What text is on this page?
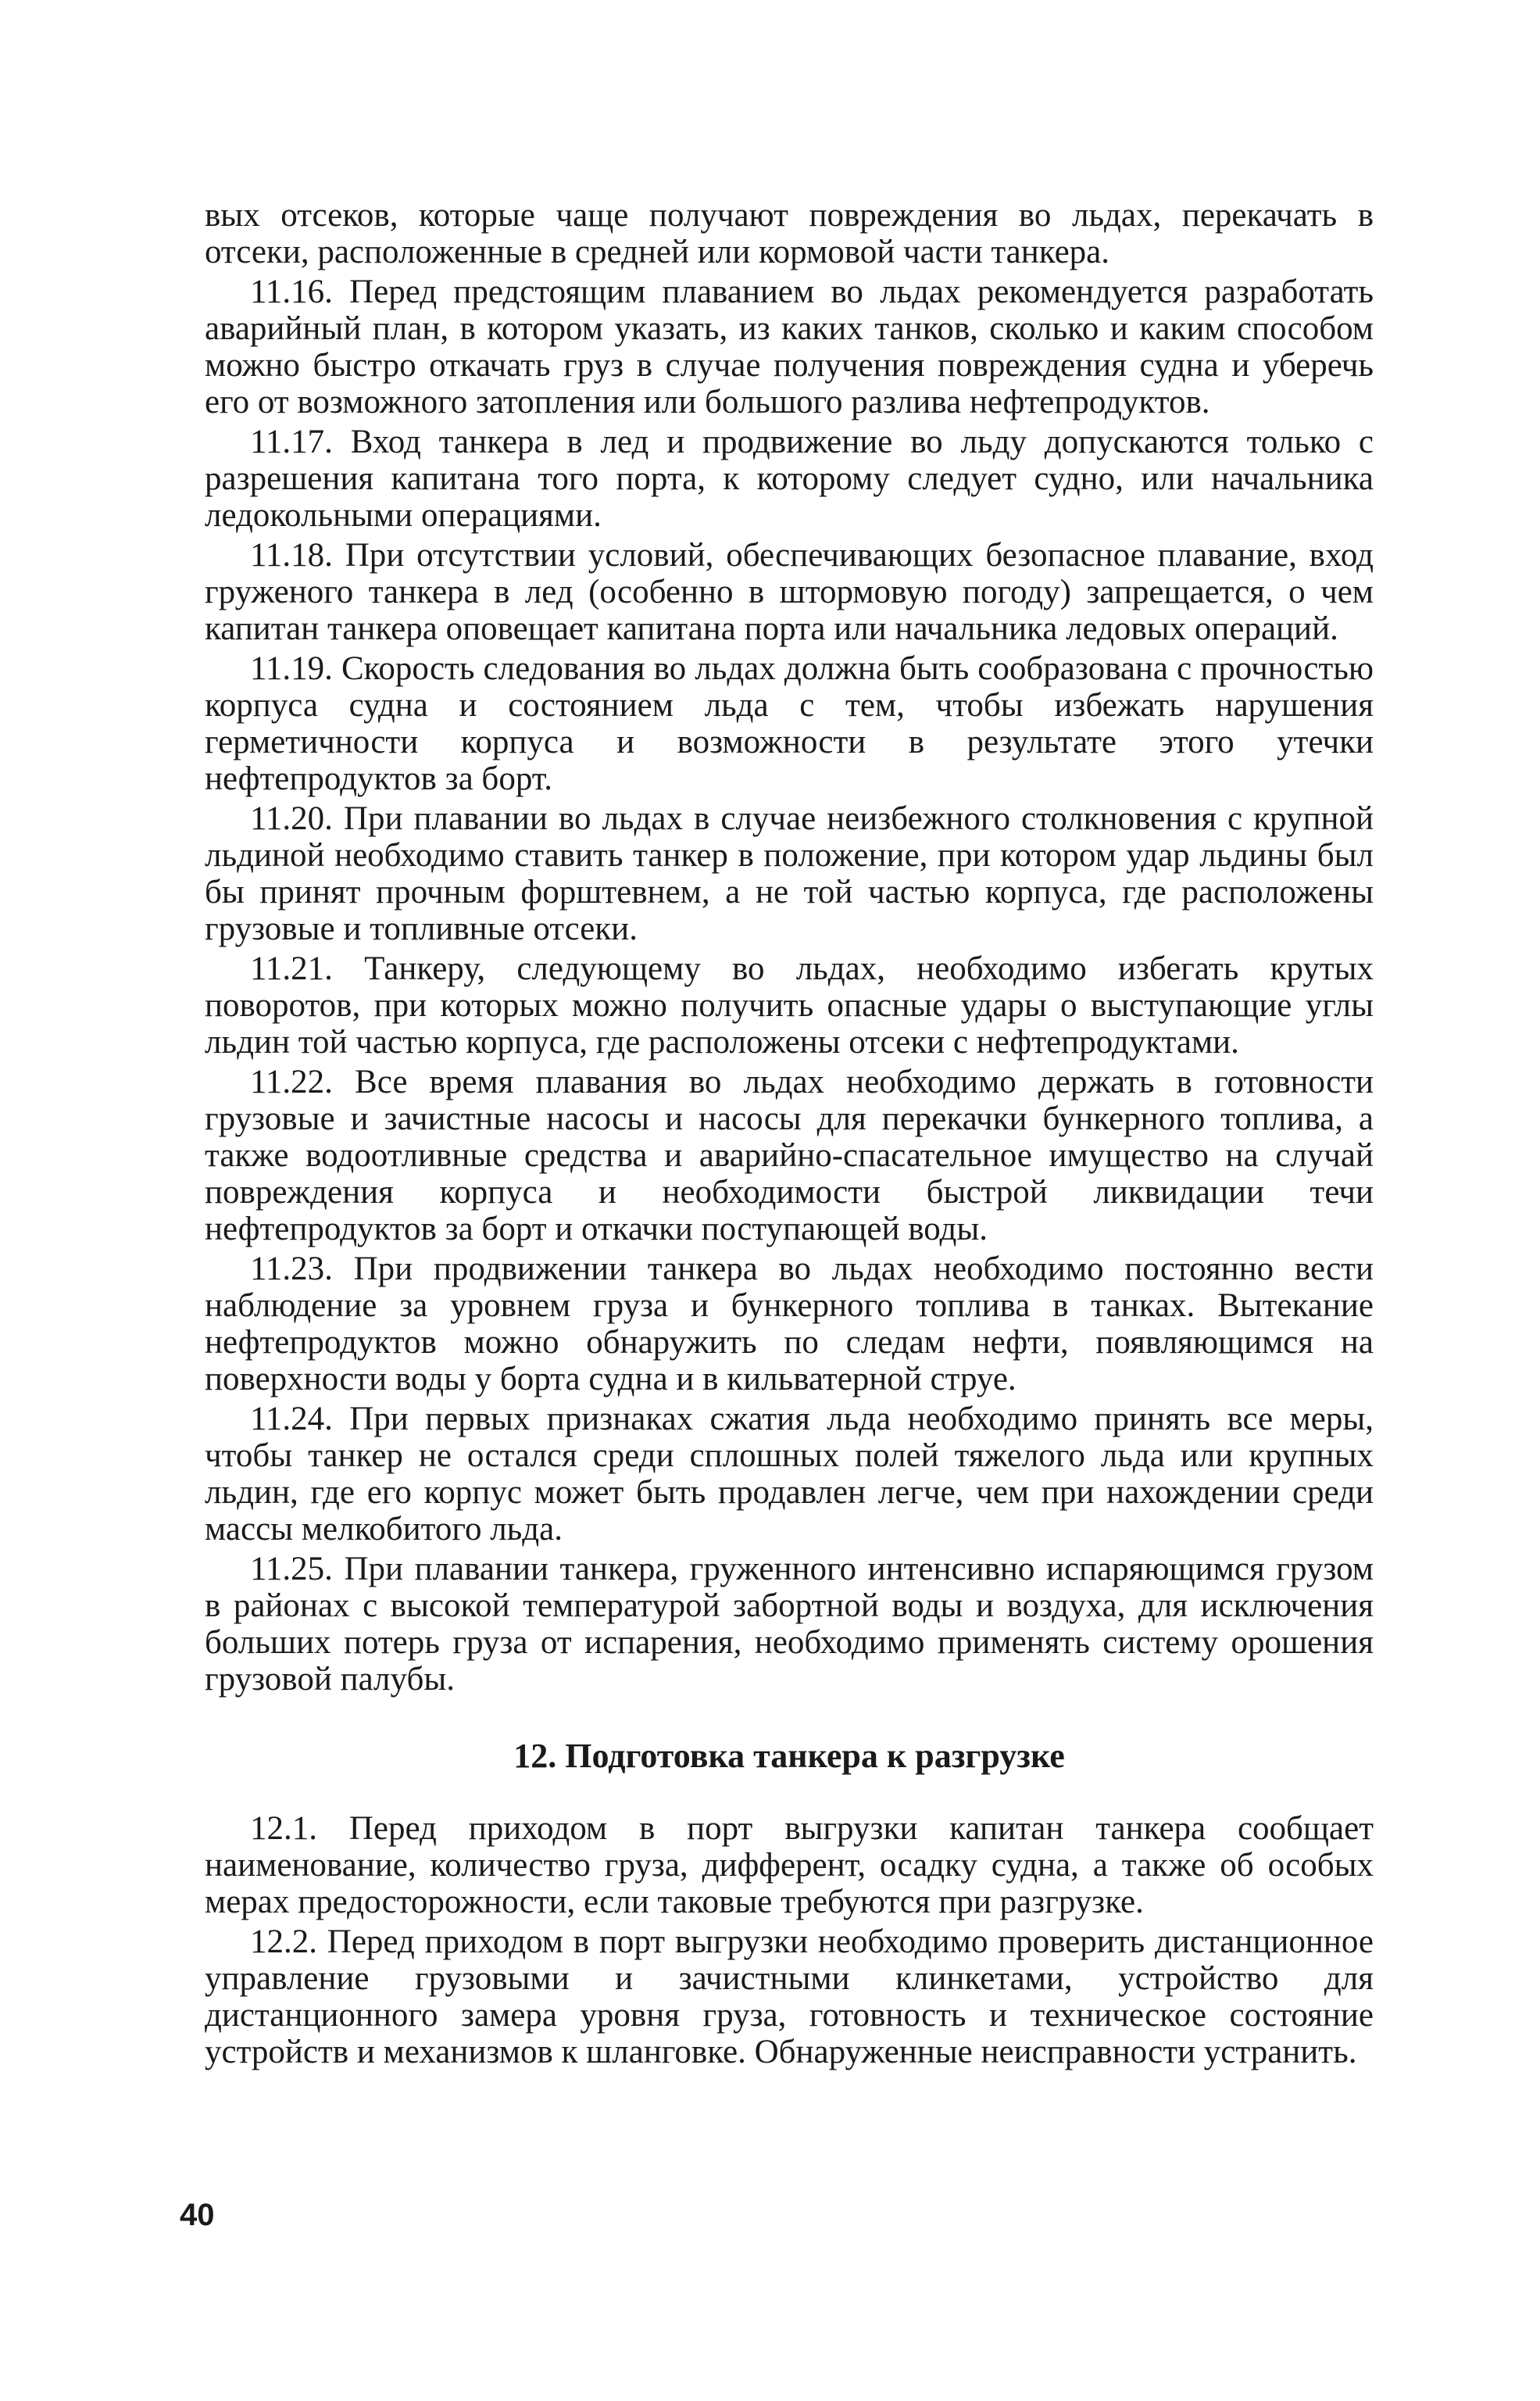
вых отсеков, которые чаще получают повреждения во льдах, перекачать в отсеки, расположенные в средней или кормовой части танкера.

11.16. Перед предстоящим плаванием во льдах рекомендуется разработать аварийный план, в котором указать, из каких танков, сколько и каким способом можно быстро откачать груз в случае получения повреждения судна и уберечь его от возможного затопления или большого разлива нефтепродуктов.

11.17. Вход танкера в лед и продвижение во льду допускаются только с разрешения капитана того порта, к которому следует судно, или начальника ледокольными операциями.

11.18. При отсутствии условий, обеспечивающих безопасное плавание, вход груженого танкера в лед (особенно в штормовую погоду) запрещается, о чем капитан танкера оповещает капитана порта или начальника ледовых операций.

11.19. Скорость следования во льдах должна быть сообразована с прочностью корпуса судна и состоянием льда с тем, чтобы избежать нарушения герметичности корпуса и возможности в результате этого утечки нефтепродуктов за борт.

11.20. При плавании во льдах в случае неизбежного столкновения с крупной льдиной необходимо ставить танкер в положение, при котором удар льдины был бы принят прочным форштевнем, а не той частью корпуса, где расположены грузовые и топливные отсеки.

11.21. Танкеру, следующему во льдах, необходимо избегать крутых поворотов, при которых можно получить опасные удары о выступающие углы льдин той частью корпуса, где расположены отсеки с нефтепродуктами.

11.22. Все время плавания во льдах необходимо держать в готовности грузовые и зачистные насосы и насосы для перекачки бункерного топлива, а также водоотливные средства и аварийно-спасательное имущество на случай повреждения корпуса и необходимости быстрой ликвидации течи нефтепродуктов за борт и откачки поступающей воды.

11.23. При продвижении танкера во льдах необходимо постоянно вести наблюдение за уровнем груза и бункерного топлива в танках. Вытекание нефтепродуктов можно обнаружить по следам нефти, появляющимся на поверхности воды у борта судна и в кильватерной струе.

11.24. При первых признаках сжатия льда необходимо принять все меры, чтобы танкер не остался среди сплошных полей тяжелого льда или крупных льдин, где его корпус может быть продавлен легче, чем при нахождении среди массы мелкобитого льда.

11.25. При плавании танкера, груженного интенсивно испаряющимся грузом в районах с высокой температурой забортной воды и воздуха, для исключения больших потерь груза от испарения, необходимо применять систему орошения грузовой палубы.

12. Подготовка танкера к разгрузке

12.1. Перед приходом в порт выгрузки капитан танкера сообщает наименование, количество груза, дифферент, осадку судна, а также об особых мерах предосторожности, если таковые требуются при разгрузке.

12.2. Перед приходом в порт выгрузки необходимо проверить дистанционное управление грузовыми и зачистными клинкетами, устройство для дистанционного замера уровня груза, готовность и техническое состояние устройств и механизмов к шланговке. Обнаруженные неисправности устранить.

40
